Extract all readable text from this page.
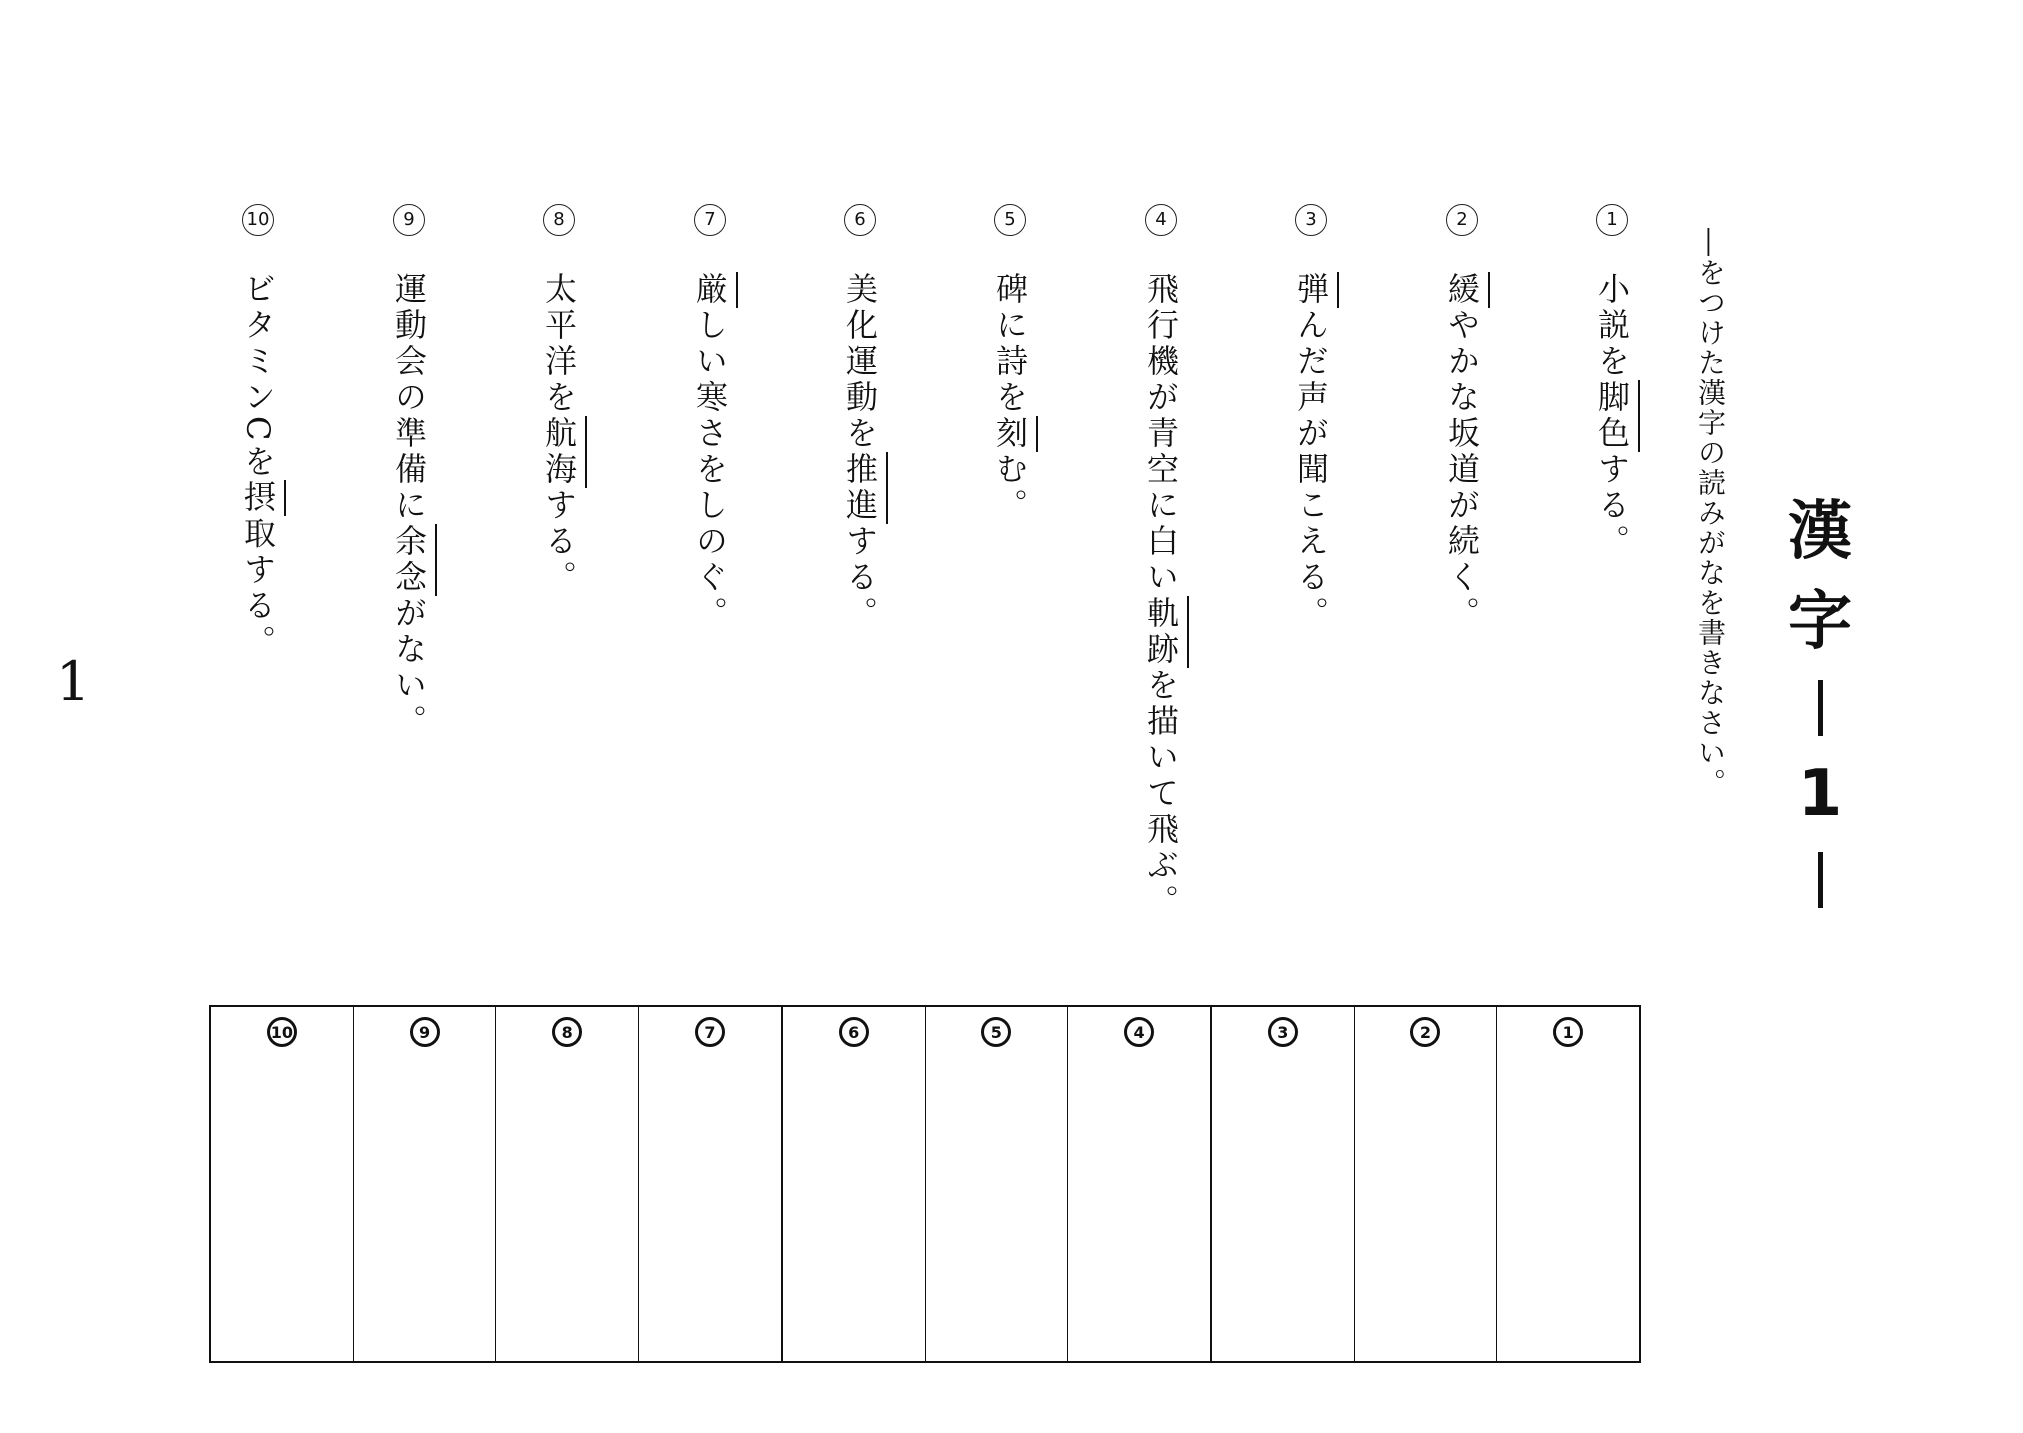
漢
字
1
―をつけた漢字の読みがなを書きなさい。
1
小説を脚色する。
2
緩やかな坂道が続く。
3
弾んだ声が聞こえる。
4
飛行機が青空に白い軌跡を描いて飛ぶ。
5
碑に詩を刻む。
6
美化運動を推進する。
7
厳しい寒さをしのぐ。
8
太平洋を航海する。
9
運動会の準備に余念がない。
10
ビタミンCを摂取する。
1
10	9	8	7	6	5	4	3	2	1
